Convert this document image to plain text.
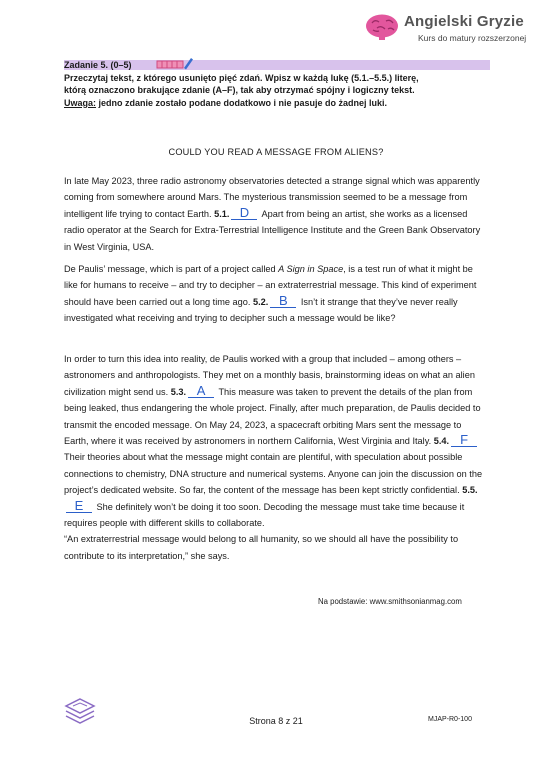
Angielski Gryzie
Kurs do matury rozszerzonej
Zadanie 5. (0–5)
Przeczytaj tekst, z którego usunięto pięć zdań. Wpisz w każdą lukę (5.1.–5.5.) literę,
którą oznaczono brakujące zdanie (A–F), tak aby otrzymać spójny i logiczny tekst.
Uwaga: jedno zdanie zostało podane dodatkowo i nie pasuje do żadnej luki.
COULD YOU READ A MESSAGE FROM ALIENS?
In late May 2023, three radio astronomy observatories detected a strange signal which was apparently coming from somewhere around Mars. The mysterious transmission seemed to be a message from intelligent life trying to contact Earth. 5.1. D Apart from being an artist, she works as a licensed radio operator at the Search for Extra-Terrestrial Intelligence Institute and the Green Bank Observatory in West Virginia, USA.
De Paulis’ message, which is part of a project called A Sign in Space, is a test run of what it might be like for humans to receive – and try to decipher – an extraterrestrial message. This kind of experiment should have been carried out a long time ago. 5.2. B Isn’t it strange that they’ve never really investigated what receiving and trying to decipher such a message would be like?
In order to turn this idea into reality, de Paulis worked with a group that included – among others – astronomers and anthropologists. They met on a monthly basis, brainstorming ideas on what an alien civilization might send us. 5.3. A This measure was taken to prevent the details of the plan from being leaked, thus endangering the whole project. Finally, after much preparation, de Paulis decided to transmit the encoded message. On May 24, 2023, a spacecraft orbiting Mars sent the message to Earth, where it was received by astronomers in northern California, West Virginia and Italy. 5.4. F Their theories about what the message might contain are plentiful, with speculation about possible connections to chemistry, DNA structure and numerical systems. Anyone can join the discussion on the project’s dedicated website. So far, the content of the message has been kept strictly confidential. 5.5.E She definitely won’t be doing it too soon. Decoding the message must take time because it requires people with different skills to collaborate.
“An extraterrestrial message would belong to all humanity, so we should all have the possibility to contribute to its interpretation,” she says.
Na podstawie: www.smithsonianmag.com
Strona 8 z 21	MJAP-R0-100
